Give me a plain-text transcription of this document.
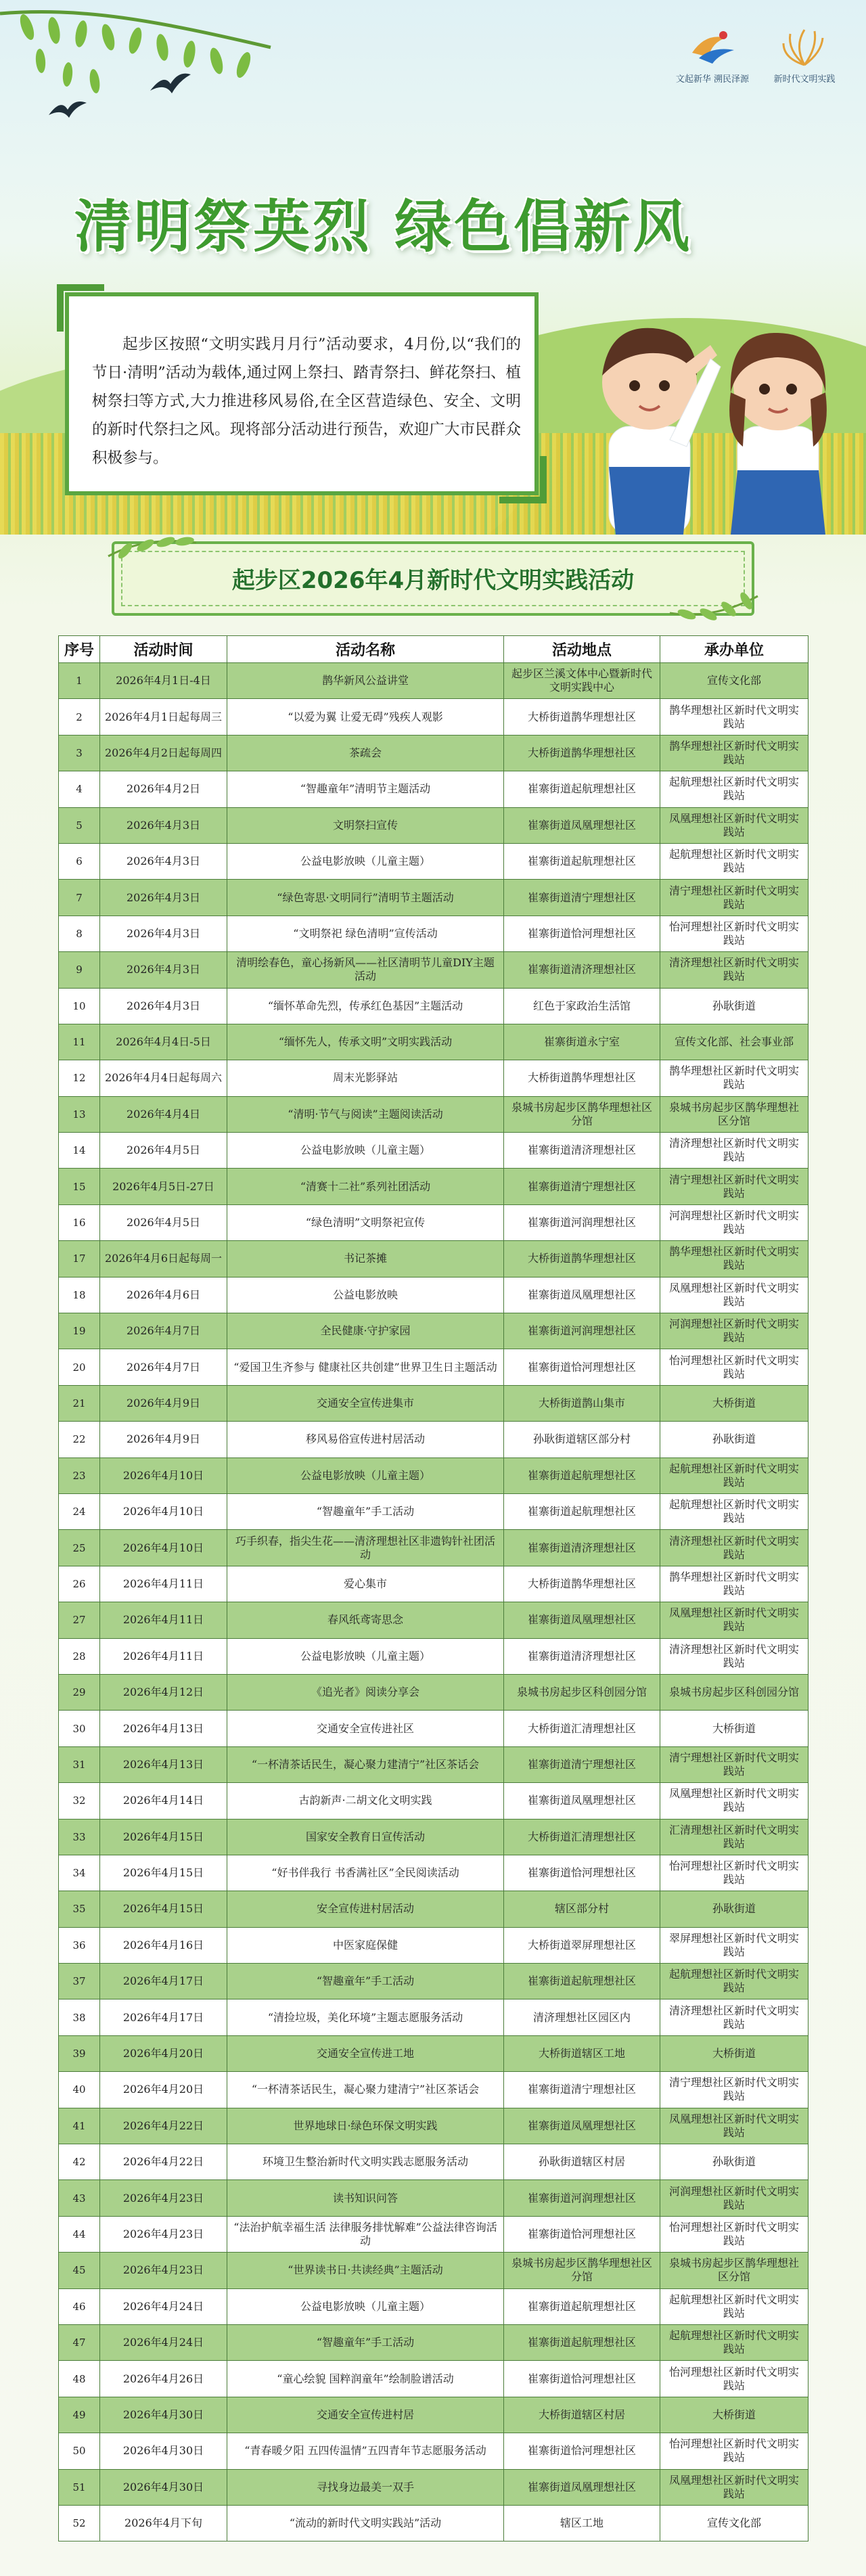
文起新华 溯民泽源	新时代文明实践
清明祭英烈 绿色倡新风

起步区按照“文明实践月月行”活动要求，4月份,以“我们的节日·清明”活动为载体,通过网上祭扫、踏青祭扫、鲜花祭扫、植树祭扫等方式,大力推进移风易俗,在全区营造绿色、安全、文明的新时代祭扫之风。现将部分活动进行预告，欢迎广大市民群众积极参与。

起步区2026年4月新时代文明实践活动
序号	活动时间	活动名称	活动地点	承办单位
1	2026年4月1日-4日	鹊华新风公益讲堂	起步区兰溪文体中心暨新时代文明实践中心	宣传文化部
2	2026年4月1日起每周三	“以爱为翼 让爱无碍”残疾人观影	大桥街道鹊华理想社区	鹊华理想社区新时代文明实践站
3	2026年4月2日起每周四	茶疏会	大桥街道鹊华理想社区	鹊华理想社区新时代文明实践站
4	2026年4月2日	“智趣童年”清明节主题活动	崔寨街道起航理想社区	起航理想社区新时代文明实践站
5	2026年4月3日	文明祭扫宣传	崔寨街道凤凰理想社区	凤凰理想社区新时代文明实践站
6	2026年4月3日	公益电影放映（儿童主题）	崔寨街道起航理想社区	起航理想社区新时代文明实践站
7	2026年4月3日	“绿色寄思·文明同行”清明节主题活动	崔寨街道清宁理想社区	清宁理想社区新时代文明实践站
8	2026年4月3日	“文明祭祀 绿色清明”宣传活动	崔寨街道恰河理想社区	怡河理想社区新时代文明实践站
9	2026年4月3日	清明绘春色，童心扬新风——社区清明节儿童DIY主题活动	崔寨街道清济理想社区	清济理想社区新时代文明实践站
10	2026年4月3日	“缅怀革命先烈，传承红色基因”主题活动	红色于家政治生活馆	孙耿街道
11	2026年4月4日-5日	“缅怀先人，传承文明”文明实践活动	崔寨街道永宁室	宣传文化部、社会事业部
12	2026年4月4日起每周六	周末光影驿站	大桥街道鹊华理想社区	鹊华理想社区新时代文明实践站
13	2026年4月4日	“清明·节气与阅读”主题阅读活动	泉城书房起步区鹊华理想社区分馆	泉城书房起步区鹊华理想社区分馆
14	2026年4月5日	公益电影放映（儿童主题）	崔寨街道清济理想社区	清济理想社区新时代文明实践站
15	2026年4月5日-27日	“清赛十二社”系列社团活动	崔寨街道清宁理想社区	清宁理想社区新时代文明实践站
16	2026年4月5日	“绿色清明”文明祭祀宣传	崔寨街道河润理想社区	河润理想社区新时代文明实践站
17	2026年4月6日起每周一	书记茶摊	大桥街道鹊华理想社区	鹊华理想社区新时代文明实践站
18	2026年4月6日	公益电影放映	崔寨街道凤凰理想社区	凤凰理想社区新时代文明实践站
19	2026年4月7日	全民健康·守护家园	崔寨街道河润理想社区	河润理想社区新时代文明实践站
20	2026年4月7日	“爱国卫生齐参与 健康社区共创建”世界卫生日主题活动	崔寨街道恰河理想社区	怡河理想社区新时代文明实践站
21	2026年4月9日	交通安全宣传进集市	大桥街道鹊山集市	大桥街道
22	2026年4月9日	移风易俗宣传进村居活动	孙耿街道辖区部分村	孙耿街道
23	2026年4月10日	公益电影放映（儿童主题）	崔寨街道起航理想社区	起航理想社区新时代文明实践站
24	2026年4月10日	“智趣童年”手工活动	崔寨街道起航理想社区	起航理想社区新时代文明实践站
25	2026年4月10日	巧手织春，指尖生花——清济理想社区非遗钩针社团活动	崔寨街道清济理想社区	清济理想社区新时代文明实践站
26	2026年4月11日	爱心集市	大桥街道鹊华理想社区	鹊华理想社区新时代文明实践站
27	2026年4月11日	春风纸鸢寄思念	崔寨街道凤凰理想社区	凤凰理想社区新时代文明实践站
28	2026年4月11日	公益电影放映（儿童主题）	崔寨街道清济理想社区	清济理想社区新时代文明实践站
29	2026年4月12日	《追光者》阅读分享会	泉城书房起步区科创园分馆	泉城书房起步区科创园分馆
30	2026年4月13日	交通安全宣传进社区	大桥街道汇清理想社区	大桥街道
31	2026年4月13日	“一杯清茶话民生，凝心聚力建清宁”社区茶话会	崔寨街道清宁理想社区	清宁理想社区新时代文明实践站
32	2026年4月14日	古韵新声·二胡文化文明实践	崔寨街道凤凰理想社区	凤凰理想社区新时代文明实践站
33	2026年4月15日	国家安全教育日宣传活动	大桥街道汇清理想社区	汇清理想社区新时代文明实践站
34	2026年4月15日	“好书伴我行 书香满社区”全民阅读活动	崔寨街道恰河理想社区	怡河理想社区新时代文明实践站
35	2026年4月15日	安全宣传进村居活动	辖区部分村	孙耿街道
36	2026年4月16日	中医家庭保健	大桥街道翠屏理想社区	翠屏理想社区新时代文明实践站
37	2026年4月17日	“智趣童年”手工活动	崔寨街道起航理想社区	起航理想社区新时代文明实践站
38	2026年4月17日	“清捡垃圾，美化环境”主题志愿服务活动	清济理想社区园区内	清济理想社区新时代文明实践站
39	2026年4月20日	交通安全宣传进工地	大桥街道辖区工地	大桥街道
40	2026年4月20日	“一杯清茶话民生，凝心聚力建清宁”社区茶话会	崔寨街道清宁理想社区	清宁理想社区新时代文明实践站
41	2026年4月22日	世界地球日·绿色环保文明实践	崔寨街道凤凰理想社区	凤凰理想社区新时代文明实践站
42	2026年4月22日	环境卫生整治新时代文明实践志愿服务活动	孙耿街道辖区村居	孙耿街道
43	2026年4月23日	读书知识问答	崔寨街道河润理想社区	河润理想社区新时代文明实践站
44	2026年4月23日	“法治护航幸福生活 法律服务排忧解难”公益法律咨询活动	崔寨街道恰河理想社区	怡河理想社区新时代文明实践站
45	2026年4月23日	“世界读书日·共读经典”主题活动	泉城书房起步区鹊华理想社区分馆	泉城书房起步区鹊华理想社区分馆
46	2026年4月24日	公益电影放映（儿童主题）	崔寨街道起航理想社区	起航理想社区新时代文明实践站
47	2026年4月24日	“智趣童年”手工活动	崔寨街道起航理想社区	起航理想社区新时代文明实践站
48	2026年4月26日	“童心绘貌 国粹润童年”绘制脸谱活动	崔寨街道恰河理想社区	怡河理想社区新时代文明实践站
49	2026年4月30日	交通安全宣传进村居	大桥街道辖区村居	大桥街道
50	2026年4月30日	“青春暖夕阳 五四传温情”五四青年节志愿服务活动	崔寨街道恰河理想社区	怡河理想社区新时代文明实践站
51	2026年4月30日	寻找身边最美一双手	崔寨街道凤凰理想社区	凤凰理想社区新时代文明实践站
52	2026年4月下旬	“流动的新时代文明实践站”活动	辖区工地	宣传文化部
